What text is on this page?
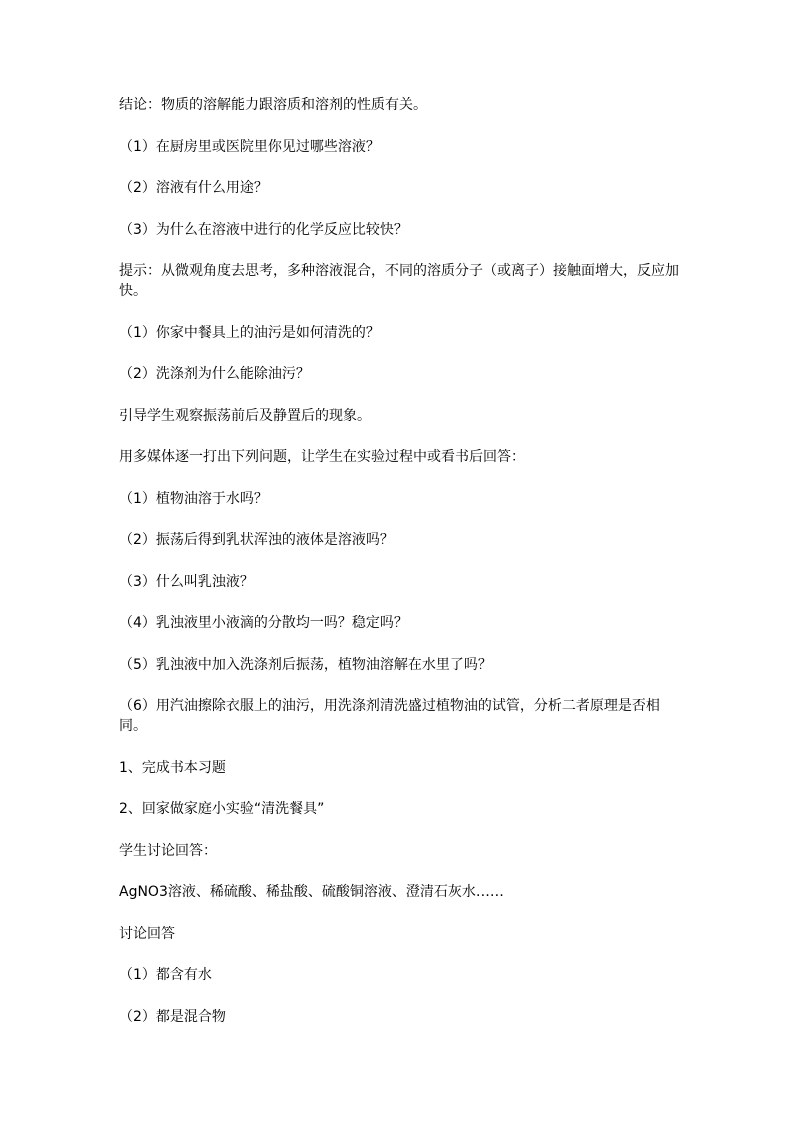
结论：物质的溶解能力跟溶质和溶剂的性质有关。

（1）在厨房里或医院里你见过哪些溶液？

（2）溶液有什么用途？

（3）为什么在溶液中进行的化学反应比较快？

提示：从微观角度去思考，多种溶液混合，不同的溶质分子（或离子）接触面增大，反应加快。

（1）你家中餐具上的油污是如何清洗的？

（2）洗涤剂为什么能除油污？

引导学生观察振荡前后及静置后的现象。

用多媒体逐一打出下列问题，让学生在实验过程中或看书后回答：

（1）植物油溶于水吗？

（2）振荡后得到乳状浑浊的液体是溶液吗？

（3）什么叫乳浊液？

（4）乳浊液里小液滴的分散均一吗？稳定吗？

（5）乳浊液中加入洗涤剂后振荡，植物油溶解在水里了吗？

（6）用汽油擦除衣服上的油污，用洗涤剂清洗盛过植物油的试管，分析二者原理是否相同。

1、完成书本习题

2、回家做家庭小实验“清洗餐具”

学生讨论回答：

AgNO3溶液、稀硫酸、稀盐酸、硫酸铜溶液、澄清石灰水……

讨论回答

（1）都含有水

（2）都是混合物
